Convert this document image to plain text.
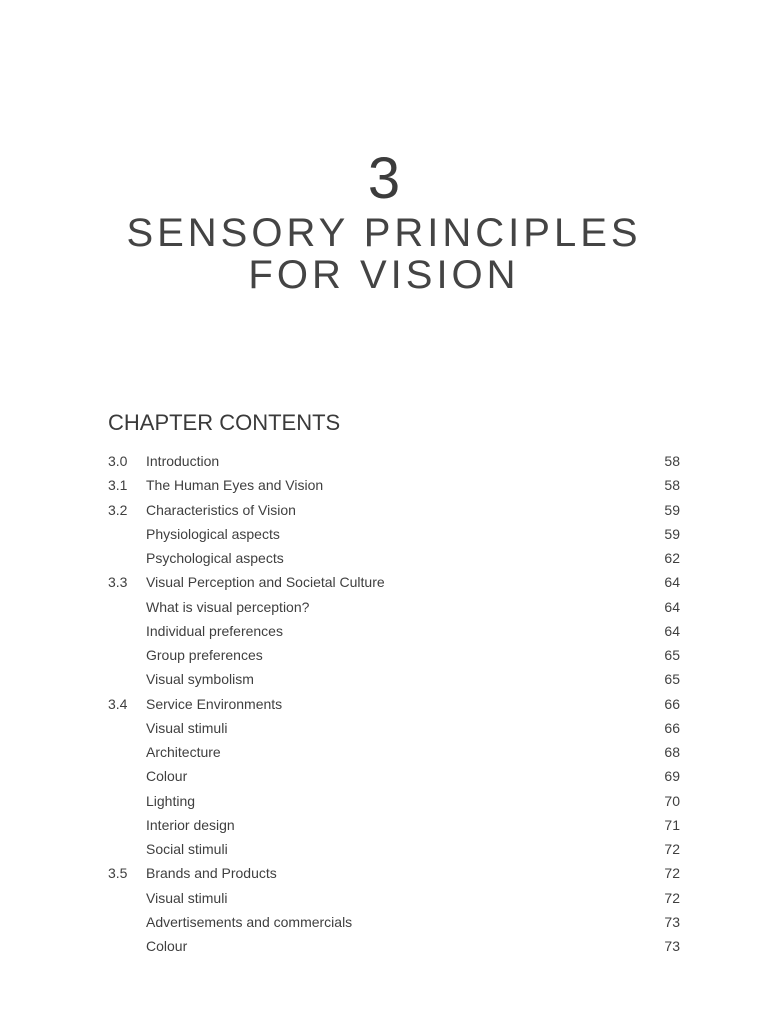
3
SENSORY PRINCIPLES
FOR VISION
CHAPTER CONTENTS
3.0 Introduction	58
3.1 The Human Eyes and Vision	58
3.2 Characteristics of Vision	59
Physiological aspects	59
Psychological aspects	62
3.3 Visual Perception and Societal Culture	64
What is visual perception?	64
Individual preferences	64
Group preferences	65
Visual symbolism	65
3.4 Service Environments	66
Visual stimuli	66
Architecture	68
Colour	69
Lighting	70
Interior design	71
Social stimuli	72
3.5 Brands and Products	72
Visual stimuli	72
Advertisements and commercials	73
Colour	73
